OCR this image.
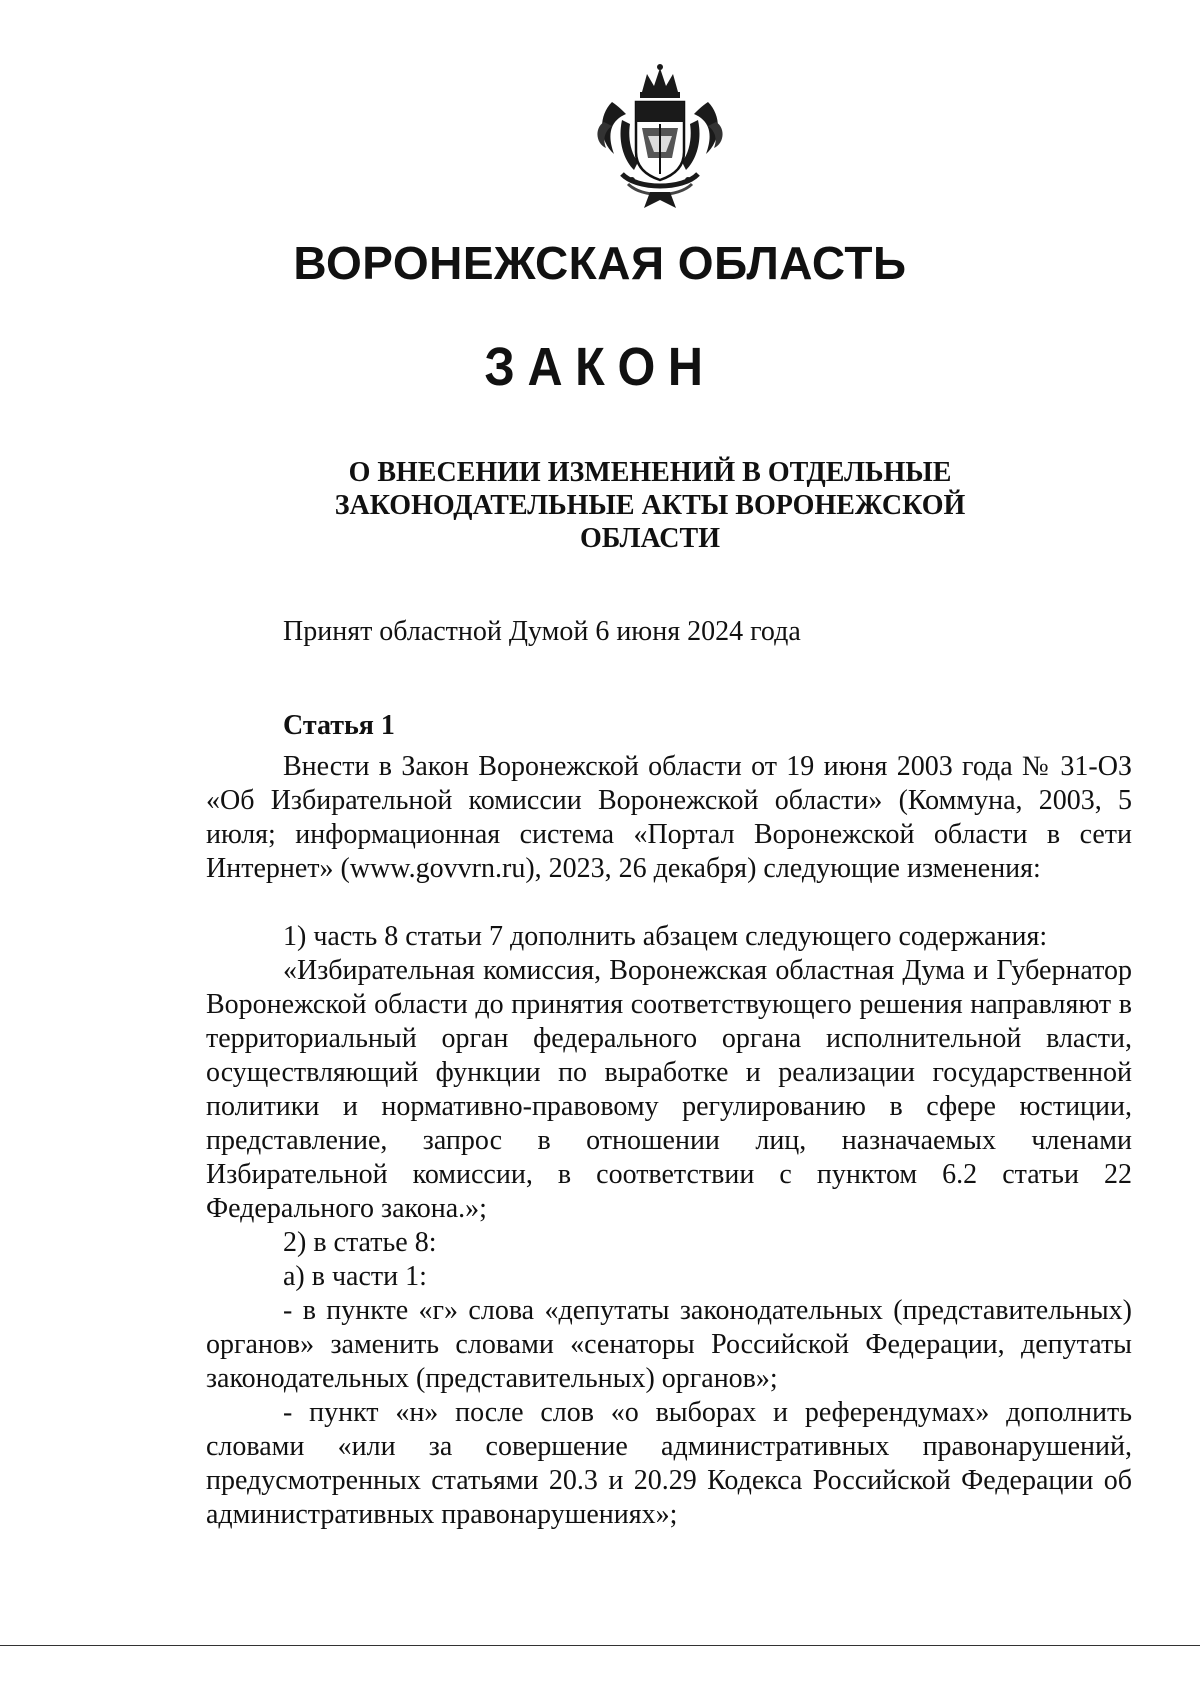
ВОРОНЕЖСКАЯ ОБЛАСТЬ
ЗАКОН
О ВНЕСЕНИИ ИЗМЕНЕНИЙ В ОТДЕЛЬНЫЕ
ЗАКОНОДАТЕЛЬНЫЕ АКТЫ ВОРОНЕЖСКОЙ
ОБЛАСТИ
Принят областной Думой 6 июня 2024 года
Статья 1

Внести в Закон Воронежской области от 19 июня 2003 года № 31-ОЗ «Об Избирательной комиссии Воронежской области» (Коммуна, 2003, 5 июля; информационная система «Портал Воронежской области в сети Интернет» (www.govvrn.ru), 2023, 26 декабря) следующие изменения:

1) часть 8 статьи 7 дополнить абзацем следующего содержания:

«Избирательная комиссия, Воронежская областная Дума и Губернатор Воронежской области до принятия соответствующего решения направляют в территориальный орган федерального органа исполнительной власти, осуществляющий функции по выработке и реализации государственной политики и нормативно-правовому регулированию в сфере юстиции, представление, запрос в отношении лиц, назначаемых членами Избирательной комиссии, в соответствии с пунктом 6.2 статьи 22 Федерального закона.»;

2) в статье 8:

а) в части 1:

- в пункте «г» слова «депутаты законодательных (представительных) органов» заменить словами «сенаторы Российской Федерации, депутаты законодательных (представительных) органов»;

- пункт «н» после слов «о выборах и референдумах» дополнить словами «или за совершение административных правонарушений, предусмотренных статьями 20.3 и 20.29 Кодекса Российской Федерации об административных правонарушениях»;
